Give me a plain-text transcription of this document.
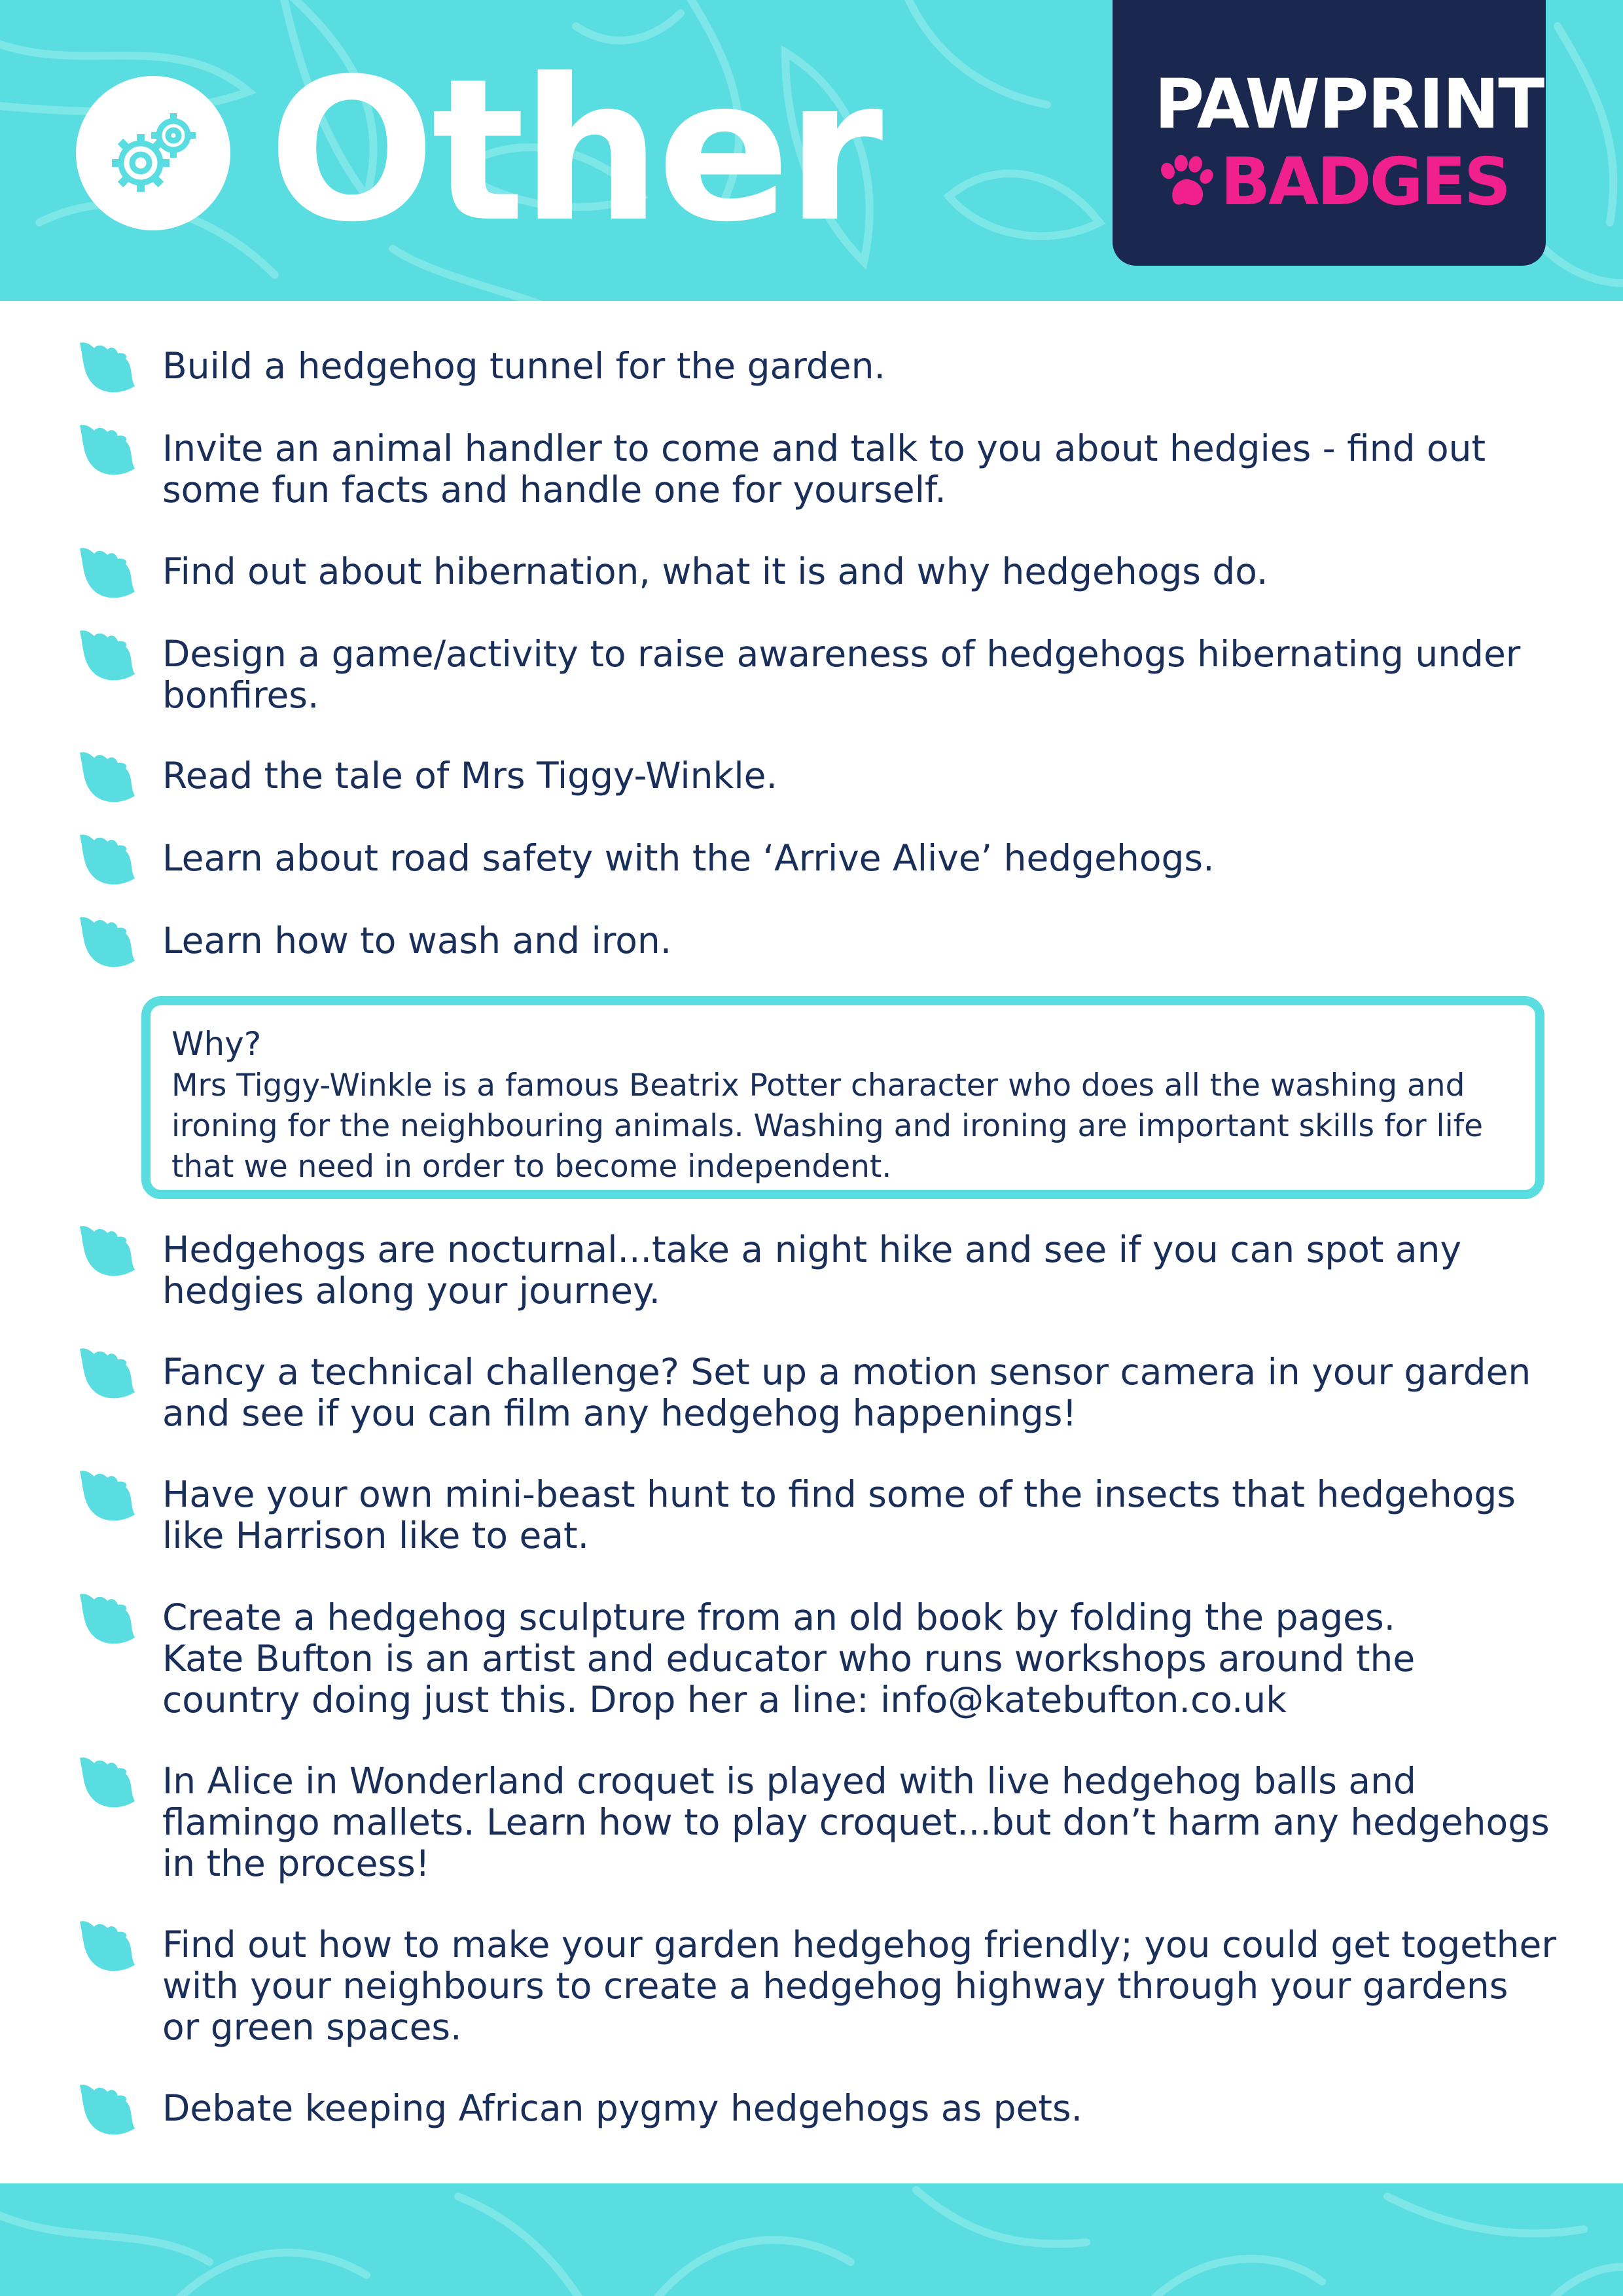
Other	PAWPRINT
BADGES
Build a hedgehog tunnel for the garden.
Invite an animal handler to come and talk to you about hedgies - find out
some fun facts and handle one for yourself.
Find out about hibernation, what it is and why hedgehogs do.
Design a game/activity to raise awareness of hedgehogs hibernating under
bonfires.
Read the tale of Mrs Tiggy-Winkle.
Learn about road safety with the ‘Arrive Alive’ hedgehogs.
Learn how to wash and iron.
Hedgehogs are nocturnal...take a night hike and see if you can spot any
hedgies along your journey.
Fancy a technical challenge? Set up a motion sensor camera in your garden
and see if you can film any hedgehog happenings!
Have your own mini-beast hunt to find some of the insects that hedgehogs
like Harrison like to eat.
Create a hedgehog sculpture from an old book by folding the pages.
Kate Bufton is an artist and educator who runs workshops around the
country doing just this. Drop her a line: info@katebufton.co.uk
In Alice in Wonderland croquet is played with live hedgehog balls and
flamingo mallets. Learn how to play croquet...but don’t harm any hedgehogs
in the process!
Find out how to make your garden hedgehog friendly; you could get together
with your neighbours to create a hedgehog highway through your gardens
or green spaces.
Debate keeping African pygmy hedgehogs as pets.
Why?
Mrs Tiggy-Winkle is a famous Beatrix Potter character who does all the washing and ironing for the neighbouring animals. Washing and ironing are important skills for life that we need in order to become independent.
